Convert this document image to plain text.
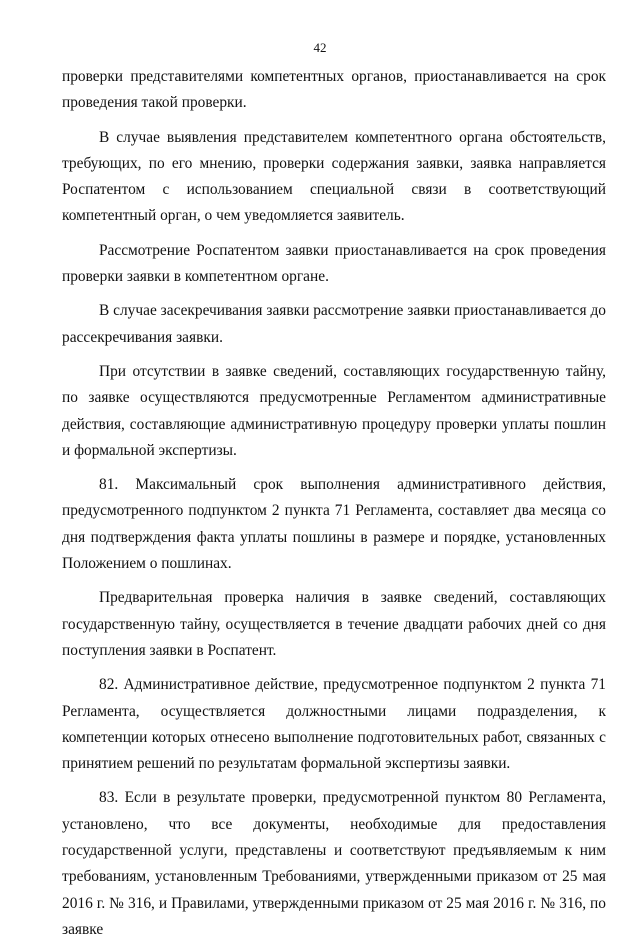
42

проверки представителями компетентных органов, приостанавливается на срок проведения такой проверки.

В случае выявления представителем компетентного органа обстоятельств, требующих, по его мнению, проверки содержания заявки, заявка направляется Роспатентом с использованием специальной связи в соответствующий компетентный орган, о чем уведомляется заявитель.

Рассмотрение Роспатентом заявки приостанавливается на срок проведения проверки заявки в компетентном органе.

В случае засекречивания заявки рассмотрение заявки приостанавливается до рассекречивания заявки.

При отсутствии в заявке сведений, составляющих государственную тайну, по заявке осуществляются предусмотренные Регламентом административные действия, составляющие административную процедуру проверки уплаты пошлин и формальной экспертизы.

81. Максимальный срок выполнения административного действия, предусмотренного подпунктом 2 пункта 71 Регламента, составляет два месяца со дня подтверждения факта уплаты пошлины в размере и порядке, установленных Положением о пошлинах.

Предварительная проверка наличия в заявке сведений, составляющих государственную тайну, осуществляется в течение двадцати рабочих дней со дня поступления заявки в Роспатент.

82. Административное действие, предусмотренное подпунктом 2 пункта 71 Регламента, осуществляется должностными лицами подразделения, к компетенции которых отнесено выполнение подготовительных работ, связанных с принятием решений по результатам формальной экспертизы заявки.

83. Если в результате проверки, предусмотренной пунктом 80 Регламента, установлено, что все документы, необходимые для предоставления государственной услуги, представлены и соответствуют предъявляемым к ним требованиям, установленным Требованиями, утвержденными приказом от 25 мая 2016 г. № 316, и Правилами, утвержденными приказом от 25 мая 2016 г. № 316, по заявке
